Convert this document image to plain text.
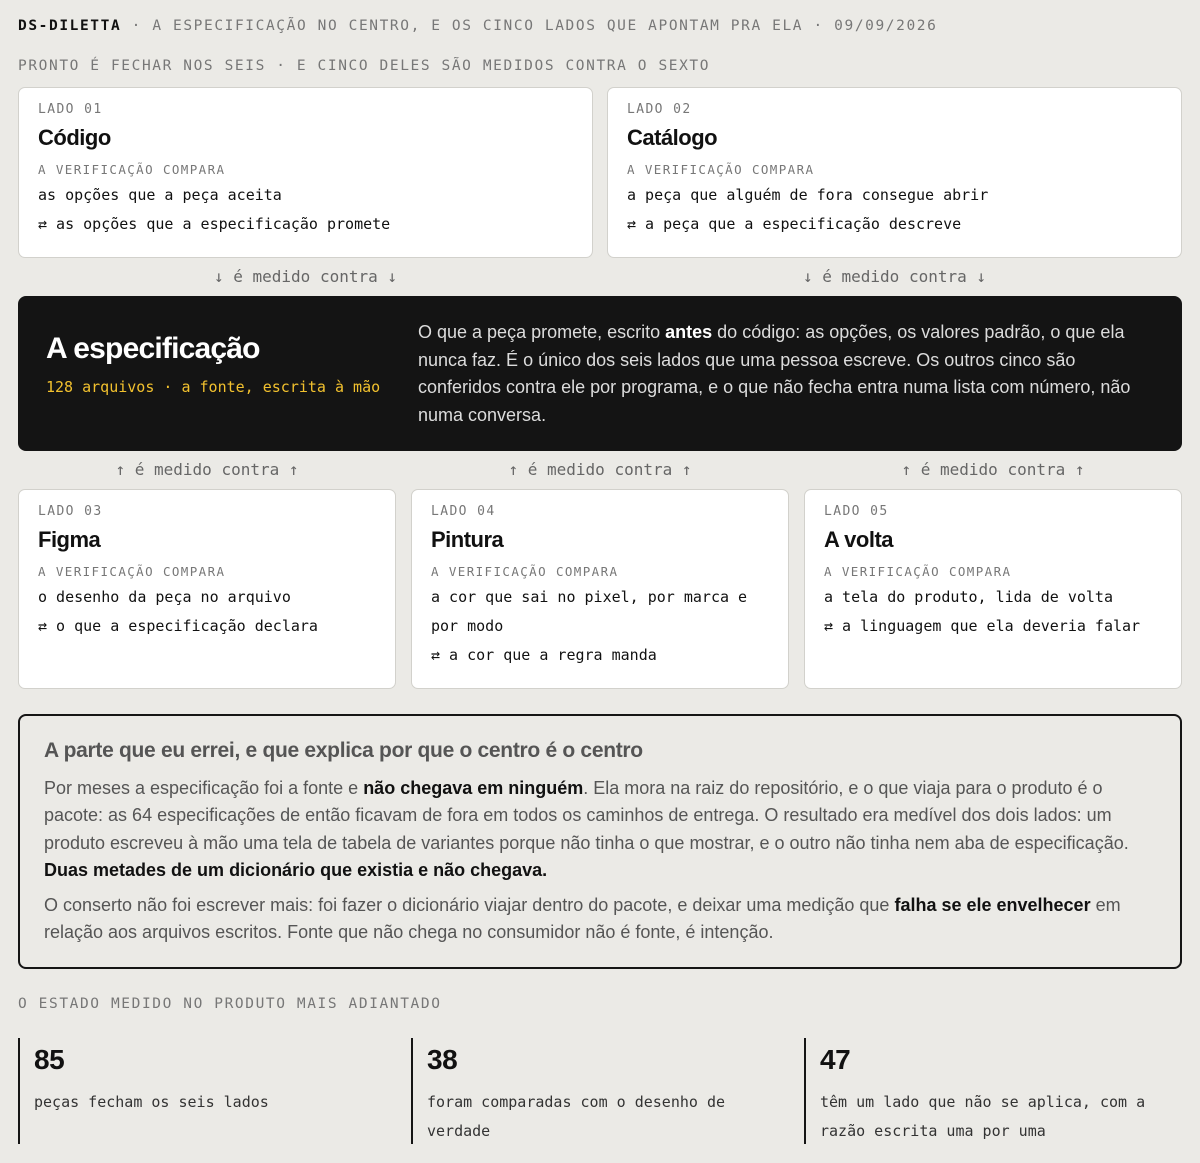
DS-DILETTA · A ESPECIFICAÇÃO NO CENTRO, E OS CINCO LADOS QUE APONTAM PRA ELA · 09/09/2026
PRONTO É FECHAR NOS SEIS · E CINCO DELES SÃO MEDIDOS CONTRA O SEXTO
LADO 01
Código
A VERIFICAÇÃO COMPARA
as opções que a peça aceita
⇄ as opções que a especificação promete
LADO 02
Catálogo
A VERIFICAÇÃO COMPARA
a peça que alguém de fora consegue abrir
⇄ a peça que a especificação descreve
↓ é medido contra ↓	↓ é medido contra ↓
A especificação
128 arquivos · a fonte, escrita à mão
O que a peça promete, escrito antes do código: as opções, os valores padrão, o que ela nunca faz. É o único dos seis lados que uma pessoa escreve. Os outros cinco são conferidos contra ele por programa, e o que não fecha entra numa lista com número, não numa conversa.
↑ é medido contra ↑	↑ é medido contra ↑	↑ é medido contra ↑
LADO 03
Figma
A VERIFICAÇÃO COMPARA
o desenho da peça no arquivo
⇄ o que a especificação declara
LADO 04
Pintura
A VERIFICAÇÃO COMPARA
a cor que sai no pixel, por marca e por modo
⇄ a cor que a regra manda
LADO 05
A volta
A VERIFICAÇÃO COMPARA
a tela do produto, lida de volta
⇄ a linguagem que ela deveria falar
A parte que eu errei, e que explica por que o centro é o centro

Por meses a especificação foi a fonte e não chegava em ninguém. Ela mora na raiz do repositório, e o que viaja para o produto é o pacote: as 64 especificações de então ficavam de fora em todos os caminhos de entrega. O resultado era medível dos dois lados: um produto escreveu à mão uma tela de tabela de variantes porque não tinha o que mostrar, e o outro não tinha nem aba de especificação. Duas metades de um dicionário que existia e não chegava.

O conserto não foi escrever mais: foi fazer o dicionário viajar dentro do pacote, e deixar uma medição que falha se ele envelhecer em relação aos arquivos escritos. Fonte que não chega no consumidor não é fonte, é intenção.

O ESTADO MEDIDO NO PRODUTO MAIS ADIANTADO
85
peças fecham os seis lados
38
foram comparadas com o desenho de verdade
47
têm um lado que não se aplica, com a razão escrita uma por uma
